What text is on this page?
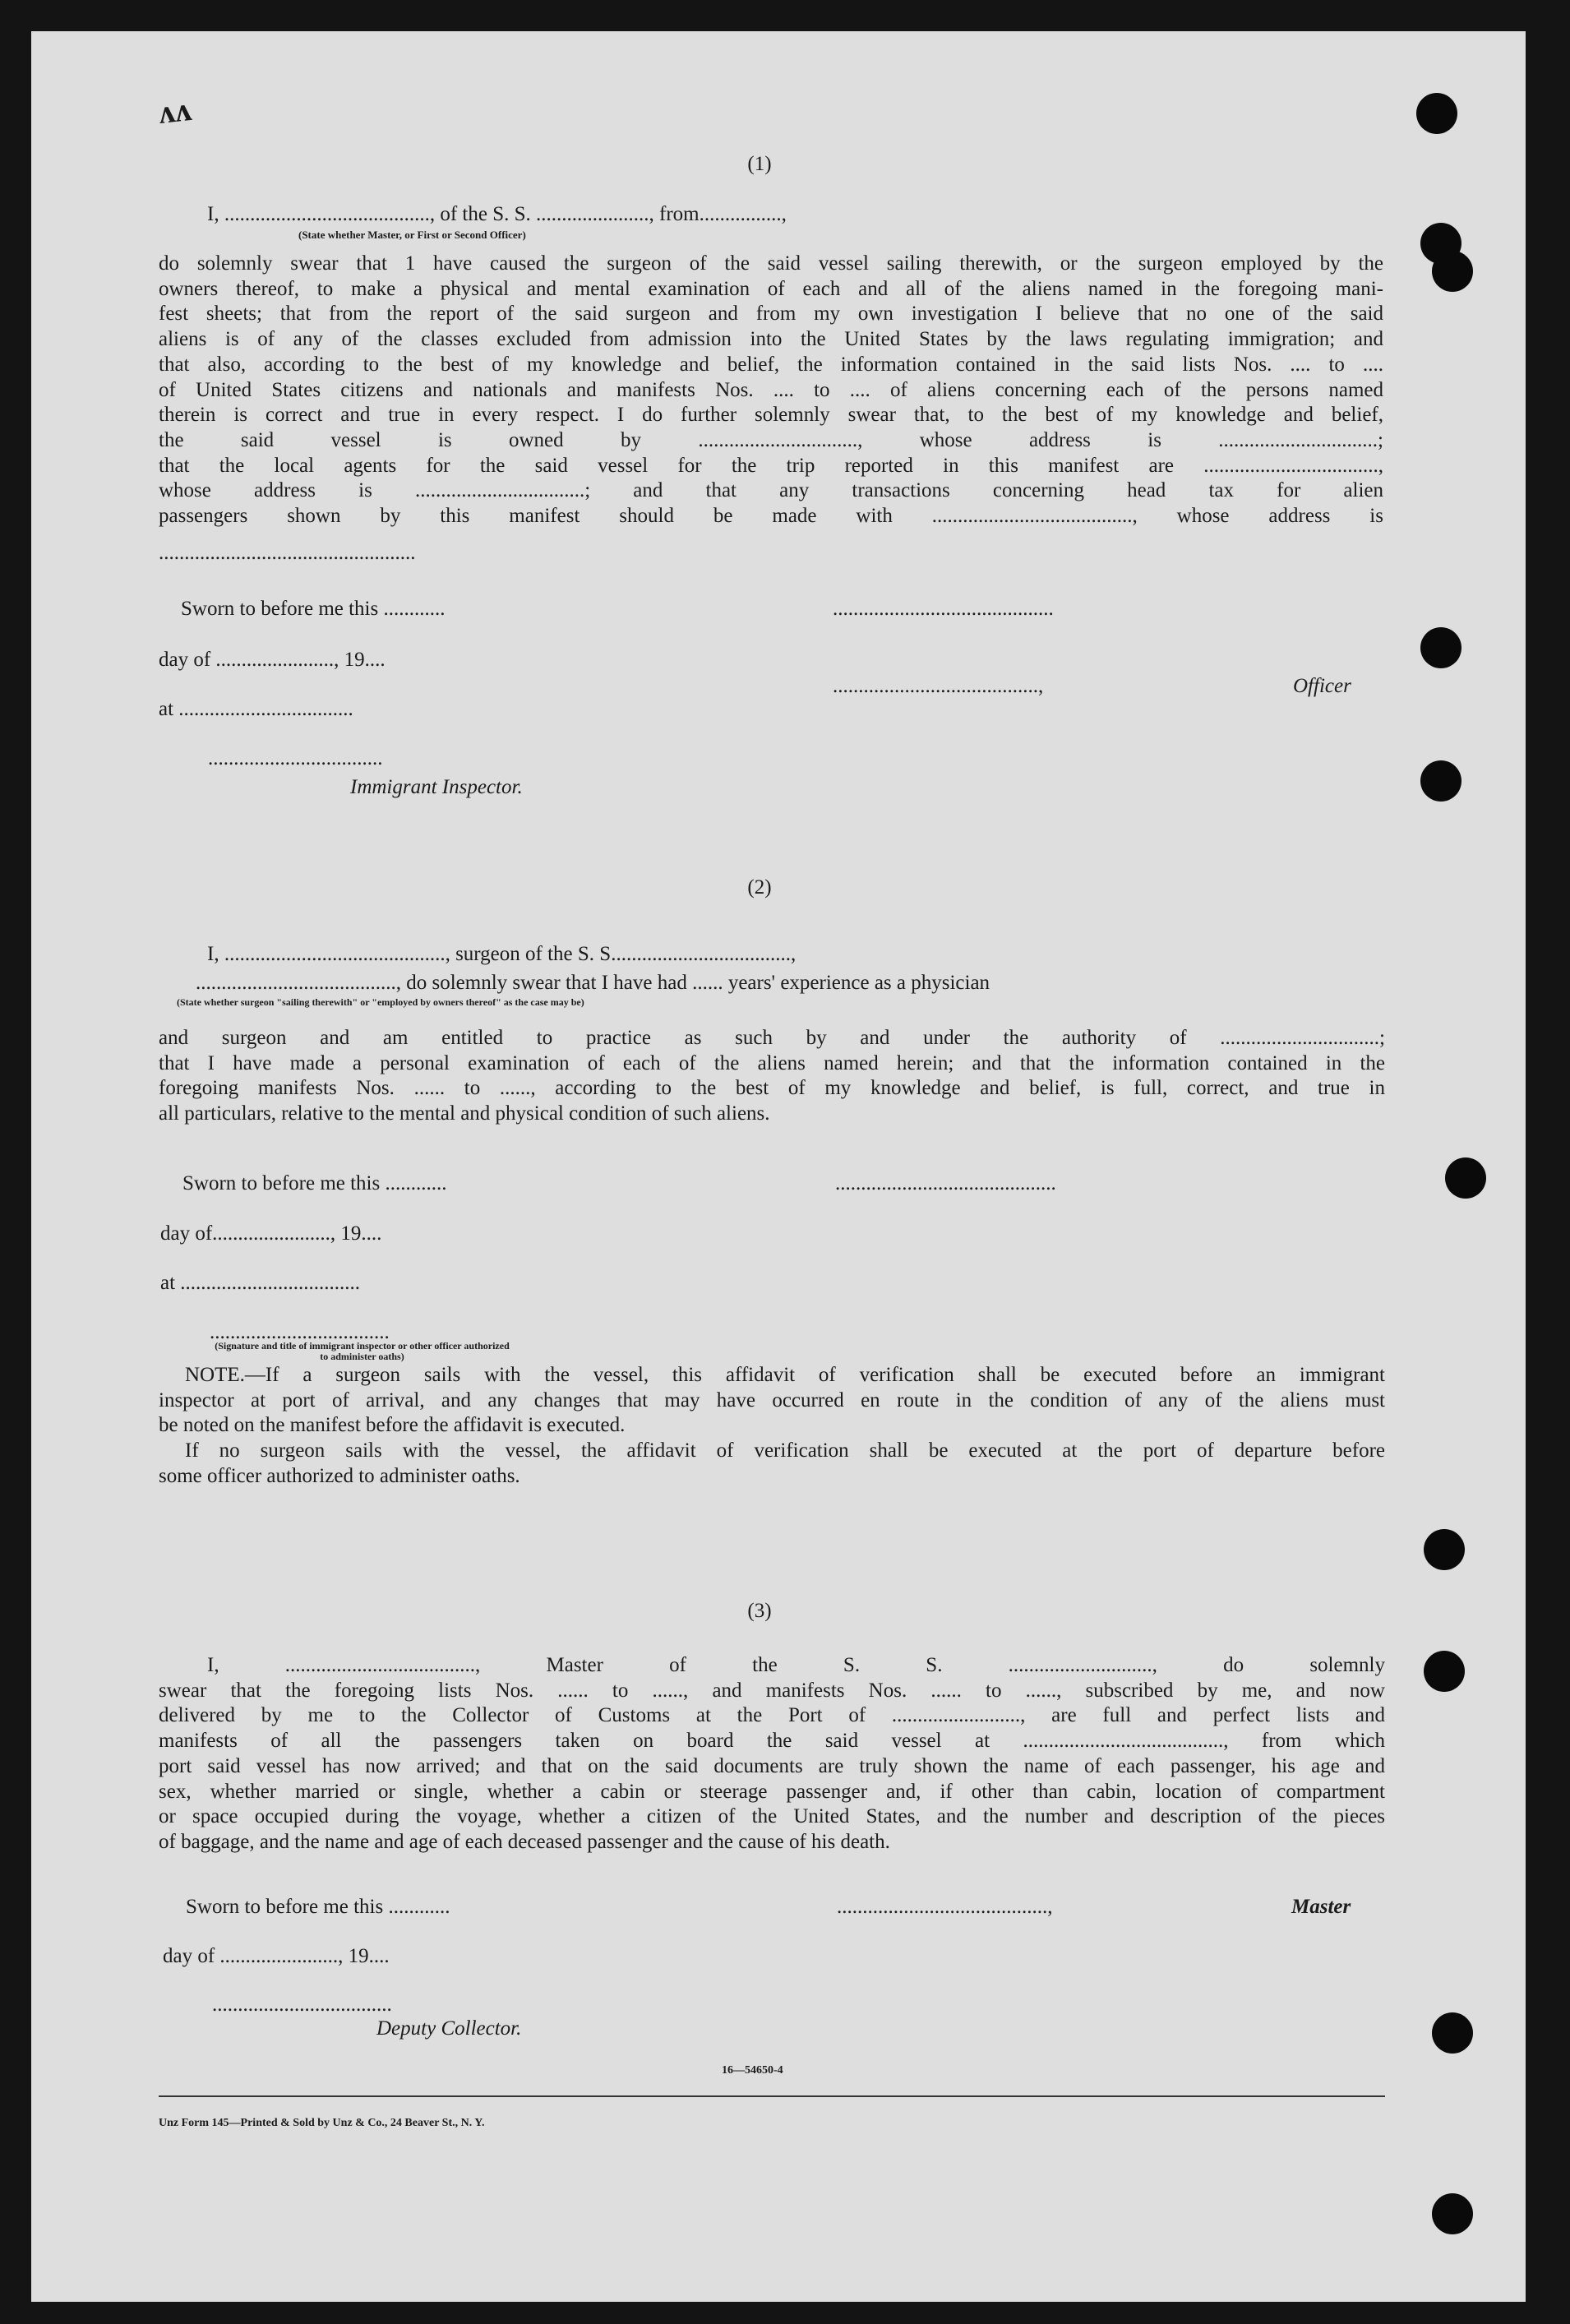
ʌʌ
(1)
I, ........................................, of the S. S. ......................, from................,
(State whether Master, or First or Second Officer)
do solemnly swear that 1 have caused the surgeon of the said vessel sailing therewith, or the surgeon employed by the
owners thereof, to make a physical and mental examination of each and all of the aliens named in the foregoing mani-
fest sheets; that from the report of the said surgeon and from my own investigation I believe that no one of the said
aliens is of any of the classes excluded from admission into the United States by the laws regulating immigration; and
that also, according to the best of my knowledge and belief, the information contained in the said lists Nos. .... to ....
of United States citizens and nationals and manifests Nos. .... to .... of aliens concerning each of the persons named
therein is correct and true in every respect. I do further solemnly swear that, to the best of my knowledge and belief,
the said vessel is owned by ..............................., whose address is ...............................;
that the local agents for the said vessel for the trip reported in this manifest are ..................................,
whose address is .................................; and that any transactions concerning head tax for alien
passengers shown by this manifest should be made with ......................................., whose address is
..................................................
Sworn to before me this ............	...........................................
day of ......................., 19....
........................................,	Officer
at ..................................
..................................
Immigrant Inspector.
(2)
I, ..........................................., surgeon of the S. S...................................,
......................................., do solemnly swear that I have had ...... years' experience as a physician
(State whether surgeon "sailing therewith" or "employed by owners thereof" as the case may be)
and surgeon and am entitled to practice as such by and under the authority of ...............................;
that I have made a personal examination of each of the aliens named herein; and that the information contained in the
foregoing manifests Nos. ...... to ......, according to the best of my knowledge and belief, is full, correct, and true in
all particulars, relative to the mental and physical condition of such aliens.
Sworn to before me this ............	...........................................
day of......................., 19....
at ...................................
...................................
(Signature and title of immigrant inspector or other officer authorized to administer oaths)
NOTE.—If a surgeon sails with the vessel, this affidavit of verification shall be executed before an immigrant
inspector at port of arrival, and any changes that may have occurred en route in the condition of any of the aliens must
be noted on the manifest before the affidavit is executed.
If no surgeon sails with the vessel, the affidavit of verification shall be executed at the port of departure before
some officer authorized to administer oaths.
(3)
I, ....................................., Master of the S. S. ............................, do solemnly
swear that the foregoing lists Nos. ...... to ......, and manifests Nos. ...... to ......, subscribed by me, and now
delivered by me to the Collector of Customs at the Port of ........................., are full and perfect lists and
manifests of all the passengers taken on board the said vessel at ......................................., from which
port said vessel has now arrived; and that on the said documents are truly shown the name of each passenger, his age and
sex, whether married or single, whether a cabin or steerage passenger and, if other than cabin, location of compartment
or space occupied during the voyage, whether a citizen of the United States, and the number and description of the pieces
of baggage, and the name and age of each deceased passenger and the cause of his death.
Sworn to before me this ............	.........................................,	Master
day of ......................., 19....
...................................
Deputy Collector.
16—54650-4
Unz Form 145—Printed & Sold by Unz & Co., 24 Beaver St., N. Y.
